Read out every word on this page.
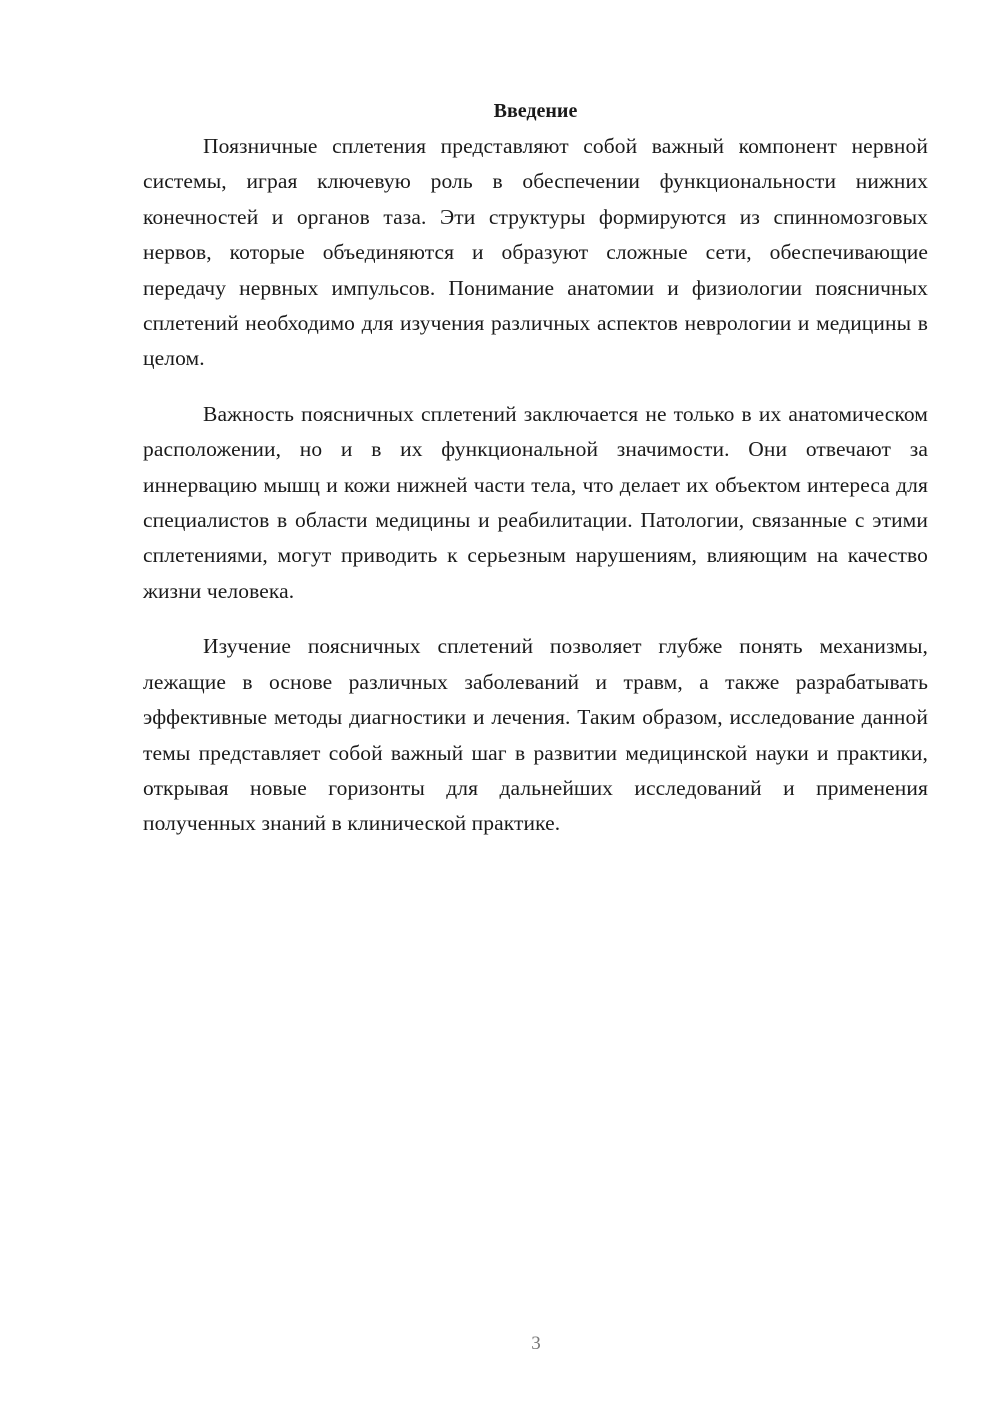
Введение

Поязничные сплетения представляют собой важный компонент нервной системы, играя ключевую роль в обеспечении функциональности нижних конечностей и органов таза. Эти структуры формируются из спинномозговых нервов, которые объединяются и образуют сложные сети, обеспечивающие передачу нервных импульсов. Понимание анатомии и физиологии поясничных сплетений необходимо для изучения различных аспектов неврологии и медицины в целом.

Важность поясничных сплетений заключается не только в их анатомическом расположении, но и в их функциональной значимости. Они отвечают за иннервацию мышц и кожи нижней части тела, что делает их объектом интереса для специалистов в области медицины и реабилитации. Патологии, связанные с этими сплетениями, могут приводить к серьезным нарушениям, влияющим на качество жизни человека.

Изучение поясничных сплетений позволяет глубже понять механизмы, лежащие в основе различных заболеваний и травм, а также разрабатывать эффективные методы диагностики и лечения. Таким образом, исследование данной темы представляет собой важный шаг в развитии медицинской науки и практики, открывая новые горизонты для дальнейших исследований и применения полученных знаний в клинической практике.

3
